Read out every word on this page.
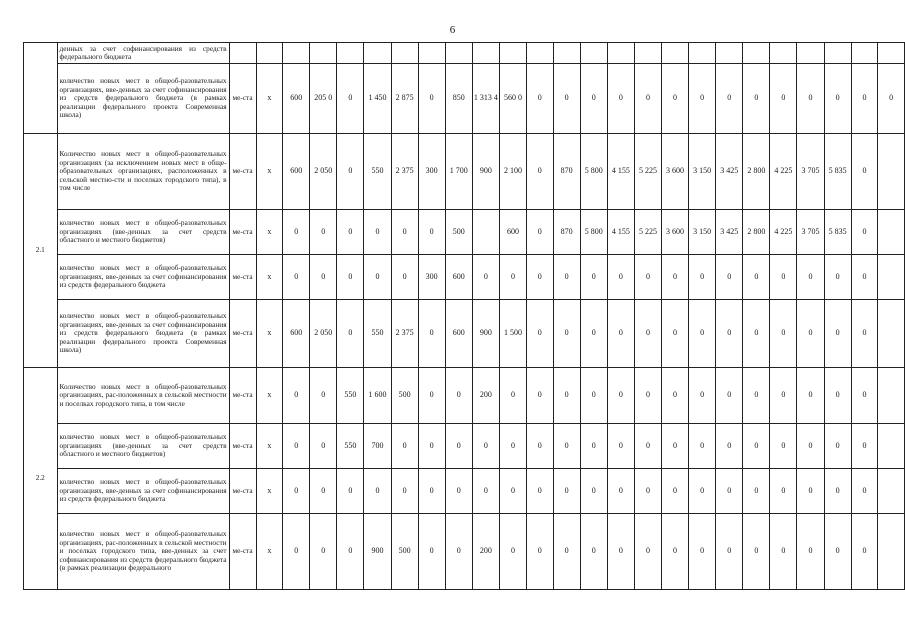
6
	денных за счет софинансирования из средств федерального бюджета																									
	количество новых мест в общеоб-разовательных организациях, вве-денных за счет софинансирования из средств федерального бюджета (в рамках реализации федерального проекта Современная школа)	ме-ста	х	600	205 0	0	1 450	2 875	0	850	1 313 4	560 0	0	0	0	0	0	0	0	0	0	0	0	0	0	0
2.1	Количество новых мест в общеоб-разовательных организациях (за исключением новых мест в обще-образовательных организациях, расположенных в сельской местно-сти и поселках городского типа), в том числе	ме-ста	х	600	2 050	0	550	2 375	300	1 700	900	2 100	0	870	5 800	4 155	5 225	3 600	3 150	3 425	2 800	4 225	3 705	5 835	0	
	количество новых мест в общеоб-разовательных организациях (вве-денных за счет средств областного и местного бюджетов)	ме-ста	х	0	0	0	0	0	0	500		600	0	870	5 800	4 155	5 225	3 600	3 150	3 425	2 800	4 225	3 705	5 835	0	
	количество новых мест в общеоб-разовательных организациях, вве-денных за счет софинансирования из средств федерального бюджета	ме-ста	х	0	0	0	0	0	300	600	0	0	0	0	0	0	0	0	0	0	0	0	0	0	0	
	количество новых мест в общеоб-разовательных организациях, вве-денных за счет софинансирования из средств федерального бюджета (в рамках реализации федерального проекта Современная школа)	ме-ста	х	600	2 050	0	550	2 375	0	600	900	1 500	0	0	0	0	0	0	0	0	0	0	0	0	0	
2.2	Количество новых мест в общеоб-разовательных организациях, рас-положенных в сельской местности и поселках городского типа, в том числе	ме-ста	х	0	0	550	1 600	500	0	0	200	0	0	0	0	0	0	0	0	0	0	0	0	0	0	
	количество новых мест в общеоб-разовательных организациях (вве-денных за счет средств областного и местного бюджетов)	ме-ста	х	0	0	550	700	0	0	0	0	0	0	0	0	0	0	0	0	0	0	0	0	0	0	
	количество новых мест в общеоб-разовательных организациях, вве-денных за счет софинансирования из средств федерального бюджета	ме-ста	х	0	0	0	0	0	0	0	0	0	0	0	0	0	0	0	0	0	0	0	0	0	0	
	количество новых мест в общеоб-разовательных организациях, рас-положенных в сельской местности и поселках городского типа, вве-денных за счет софинансирования из средств федерального бюджета (в рамках реализации федерального	ме-ста	х	0	0	0	900	500	0	0	200	0	0	0	0	0	0	0	0	0	0	0	0	0	0	
